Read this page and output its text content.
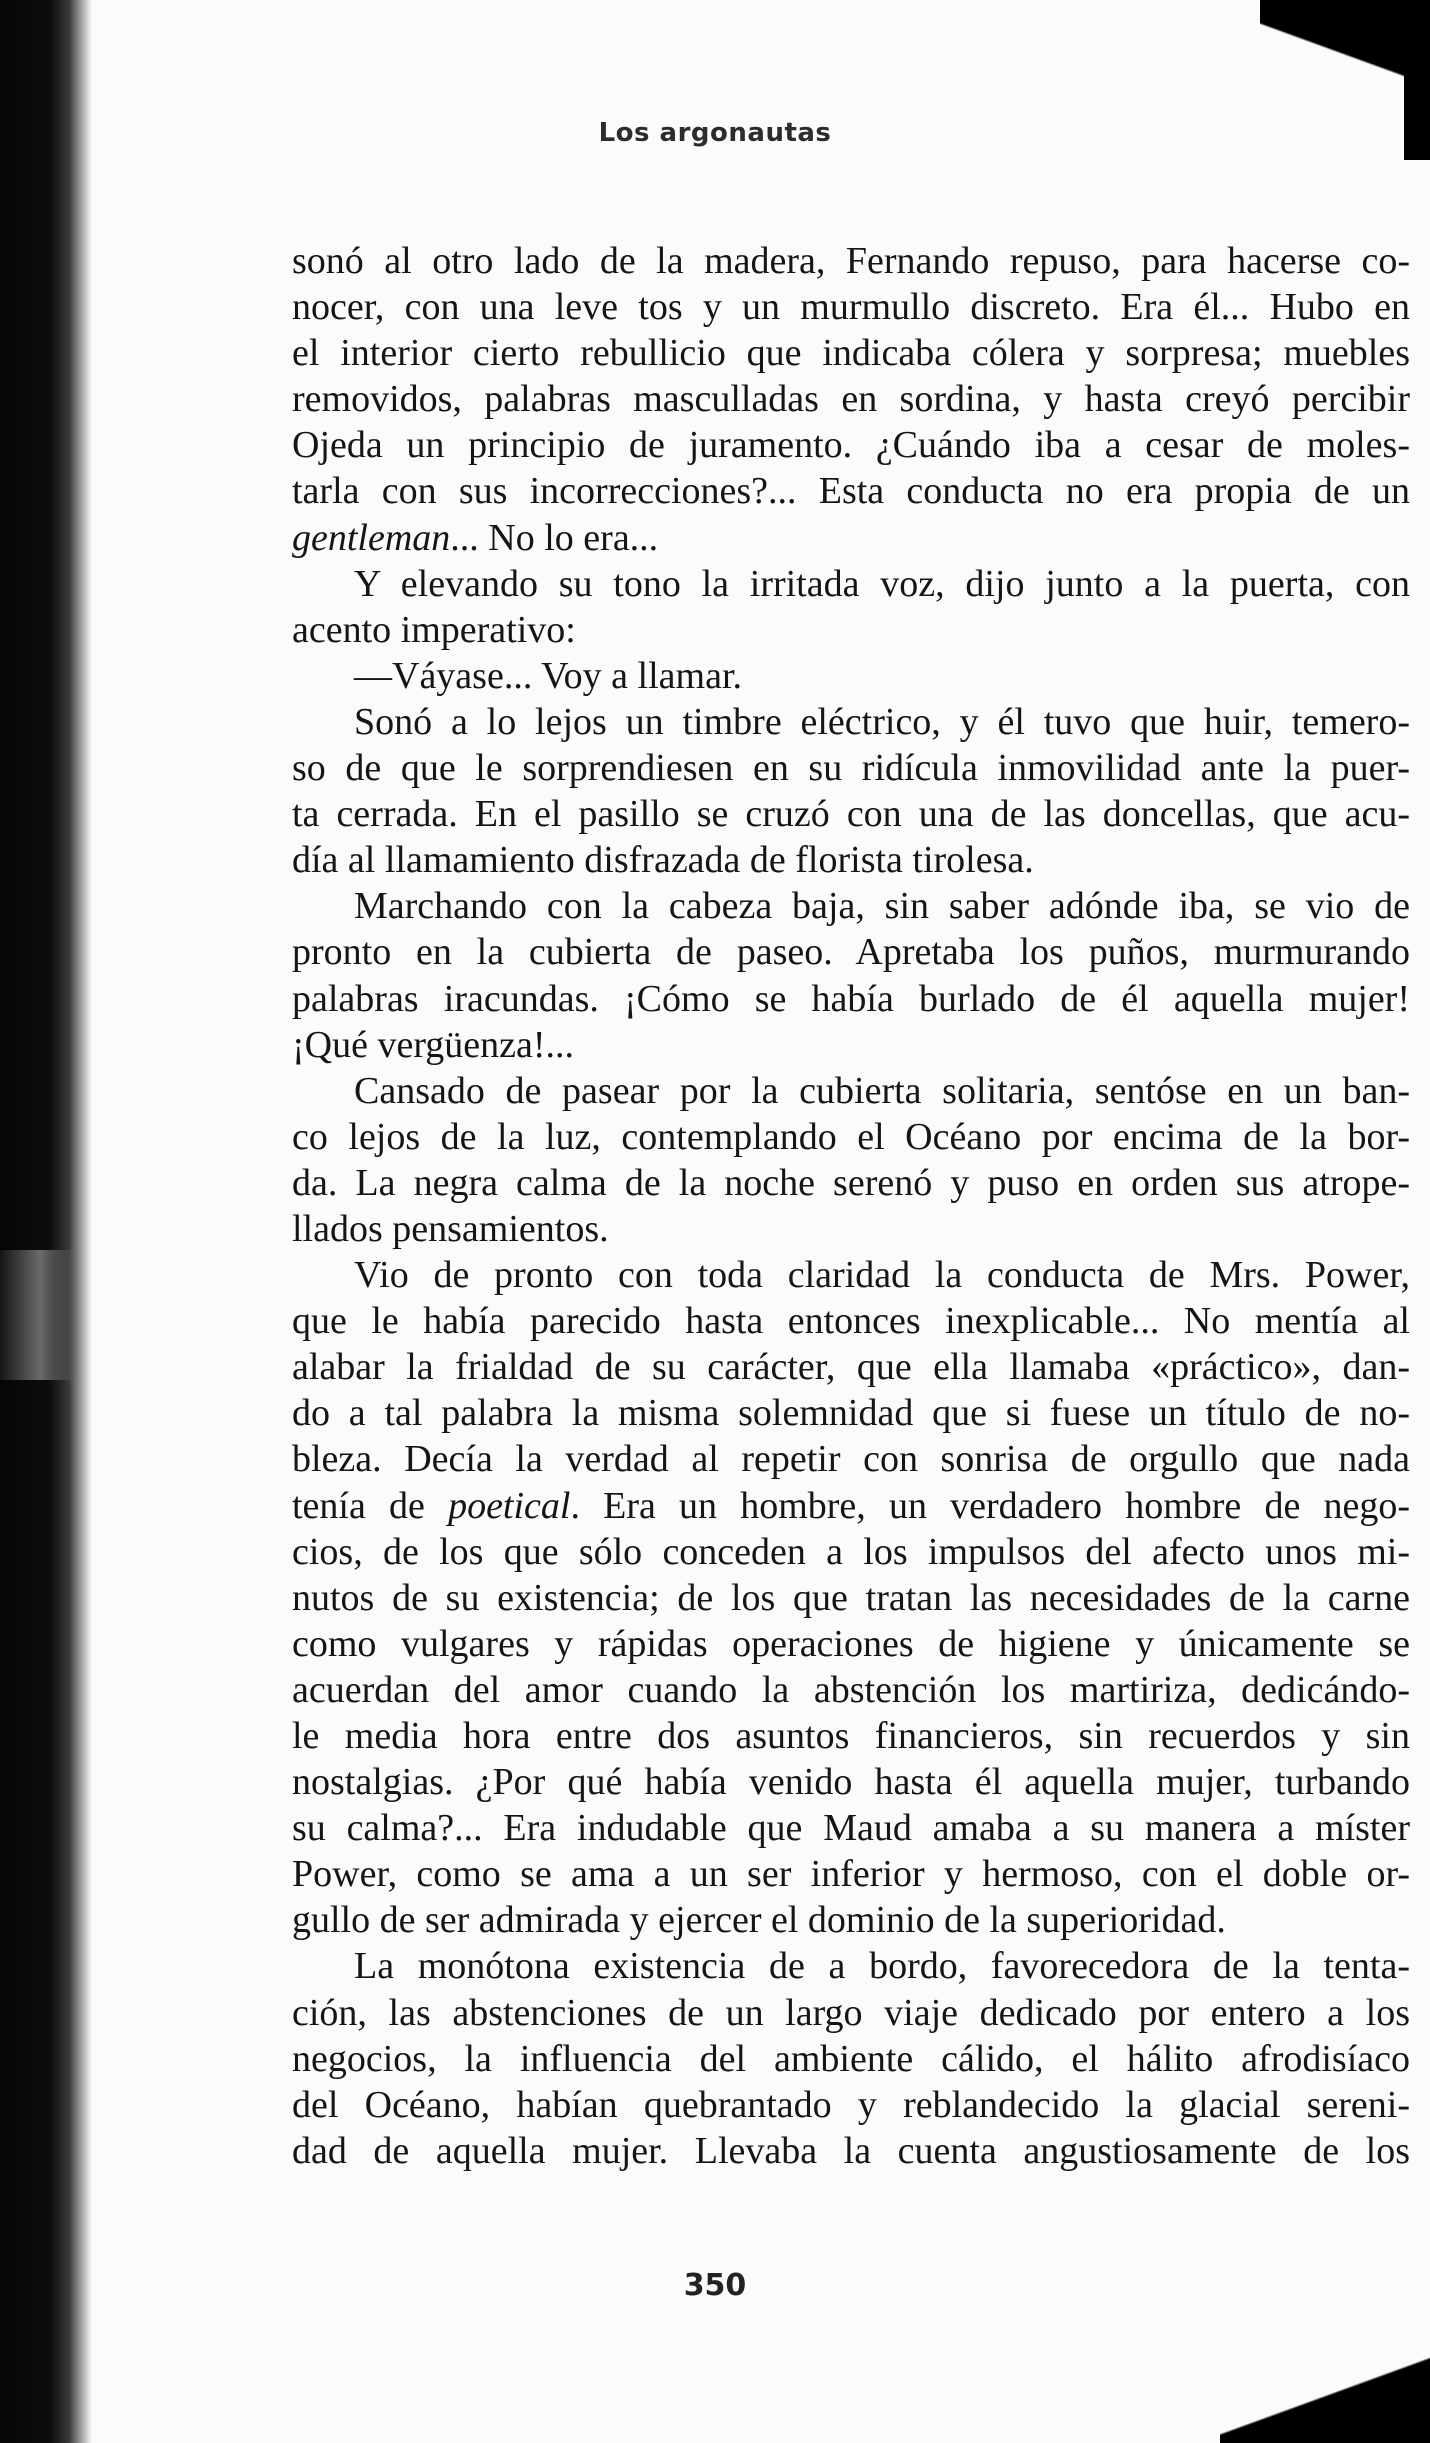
Los argonautas
sonó al otro lado de la madera, Fernando repuso, para hacerse co-
nocer, con una leve tos y un murmullo discreto. Era él... Hubo en
el interior cierto rebullicio que indicaba cólera y sorpresa; muebles
removidos, palabras masculladas en sordina, y hasta creyó percibir
Ojeda un principio de juramento. ¿Cuándo iba a cesar de moles-
tarla con sus incorrecciones?... Esta conducta no era propia de un
gentleman... No lo era...
Y elevando su tono la irritada voz, dijo junto a la puerta, con
acento imperativo:
—Váyase... Voy a llamar.
Sonó a lo lejos un timbre eléctrico, y él tuvo que huir, temero-
so de que le sorprendiesen en su ridícula inmovilidad ante la puer-
ta cerrada. En el pasillo se cruzó con una de las doncellas, que acu-
día al llamamiento disfrazada de florista tirolesa.
Marchando con la cabeza baja, sin saber adónde iba, se vio de
pronto en la cubierta de paseo. Apretaba los puños, murmurando
palabras iracundas. ¡Cómo se había burlado de él aquella mujer!
¡Qué vergüenza!...
Cansado de pasear por la cubierta solitaria, sentóse en un ban-
co lejos de la luz, contemplando el Océano por encima de la bor-
da. La negra calma de la noche serenó y puso en orden sus atrope-
llados pensamientos.
Vio de pronto con toda claridad la conducta de Mrs. Power,
que le había parecido hasta entonces inexplicable... No mentía al
alabar la frialdad de su carácter, que ella llamaba «práctico», dan-
do a tal palabra la misma solemnidad que si fuese un título de no-
bleza. Decía la verdad al repetir con sonrisa de orgullo que nada
tenía de poetical. Era un hombre, un verdadero hombre de nego-
cios, de los que sólo conceden a los impulsos del afecto unos mi-
nutos de su existencia; de los que tratan las necesidades de la carne
como vulgares y rápidas operaciones de higiene y únicamente se
acuerdan del amor cuando la abstención los martiriza, dedicándo-
le media hora entre dos asuntos financieros, sin recuerdos y sin
nostalgias. ¿Por qué había venido hasta él aquella mujer, turbando
su calma?... Era indudable que Maud amaba a su manera a míster
Power, como se ama a un ser inferior y hermoso, con el doble or-
gullo de ser admirada y ejercer el dominio de la superioridad.
La monótona existencia de a bordo, favorecedora de la tenta-
ción, las abstenciones de un largo viaje dedicado por entero a los
negocios, la influencia del ambiente cálido, el hálito afrodisíaco
del Océano, habían quebrantado y reblandecido la glacial sereni-
dad de aquella mujer. Llevaba la cuenta angustiosamente de los
350
